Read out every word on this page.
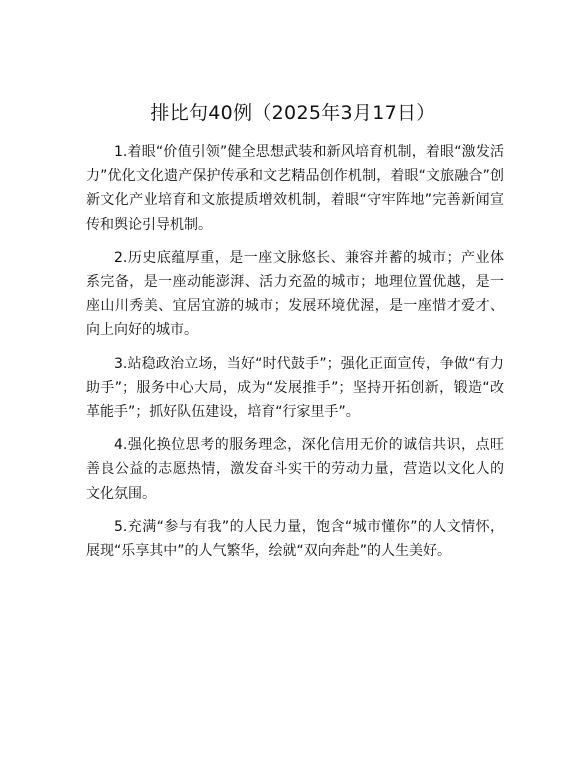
排比句40例（2025年3月17日）

1.着眼“价值引领”健全思想武装和新风培育机制，着眼“激发活力”优化文化遗产保护传承和文艺精品创作机制，着眼“文旅融合”创新文化产业培育和文旅提质增效机制，着眼“守牢阵地”完善新闻宣传和舆论引导机制。

2.历史底蕴厚重，是一座文脉悠长、兼容并蓄的城市；产业体系完备，是一座动能澎湃、活力充盈的城市；地理位置优越，是一座山川秀美、宜居宜游的城市；发展环境优渥，是一座惜才爱才、向上向好的城市。

3.站稳政治立场，当好“时代鼓手”；强化正面宣传，争做“有力助手”；服务中心大局，成为“发展推手”；坚持开拓创新，锻造“改革能手”；抓好队伍建设，培育“行家里手”。

4.强化换位思考的服务理念，深化信用无价的诚信共识，点旺善良公益的志愿热情，激发奋斗实干的劳动力量，营造以文化人的文化氛围。

5.充满“参与有我”的人民力量，饱含“城市懂你”的人文情怀，展现“乐享其中”的人气繁华，绘就“双向奔赴”的人生美好。
